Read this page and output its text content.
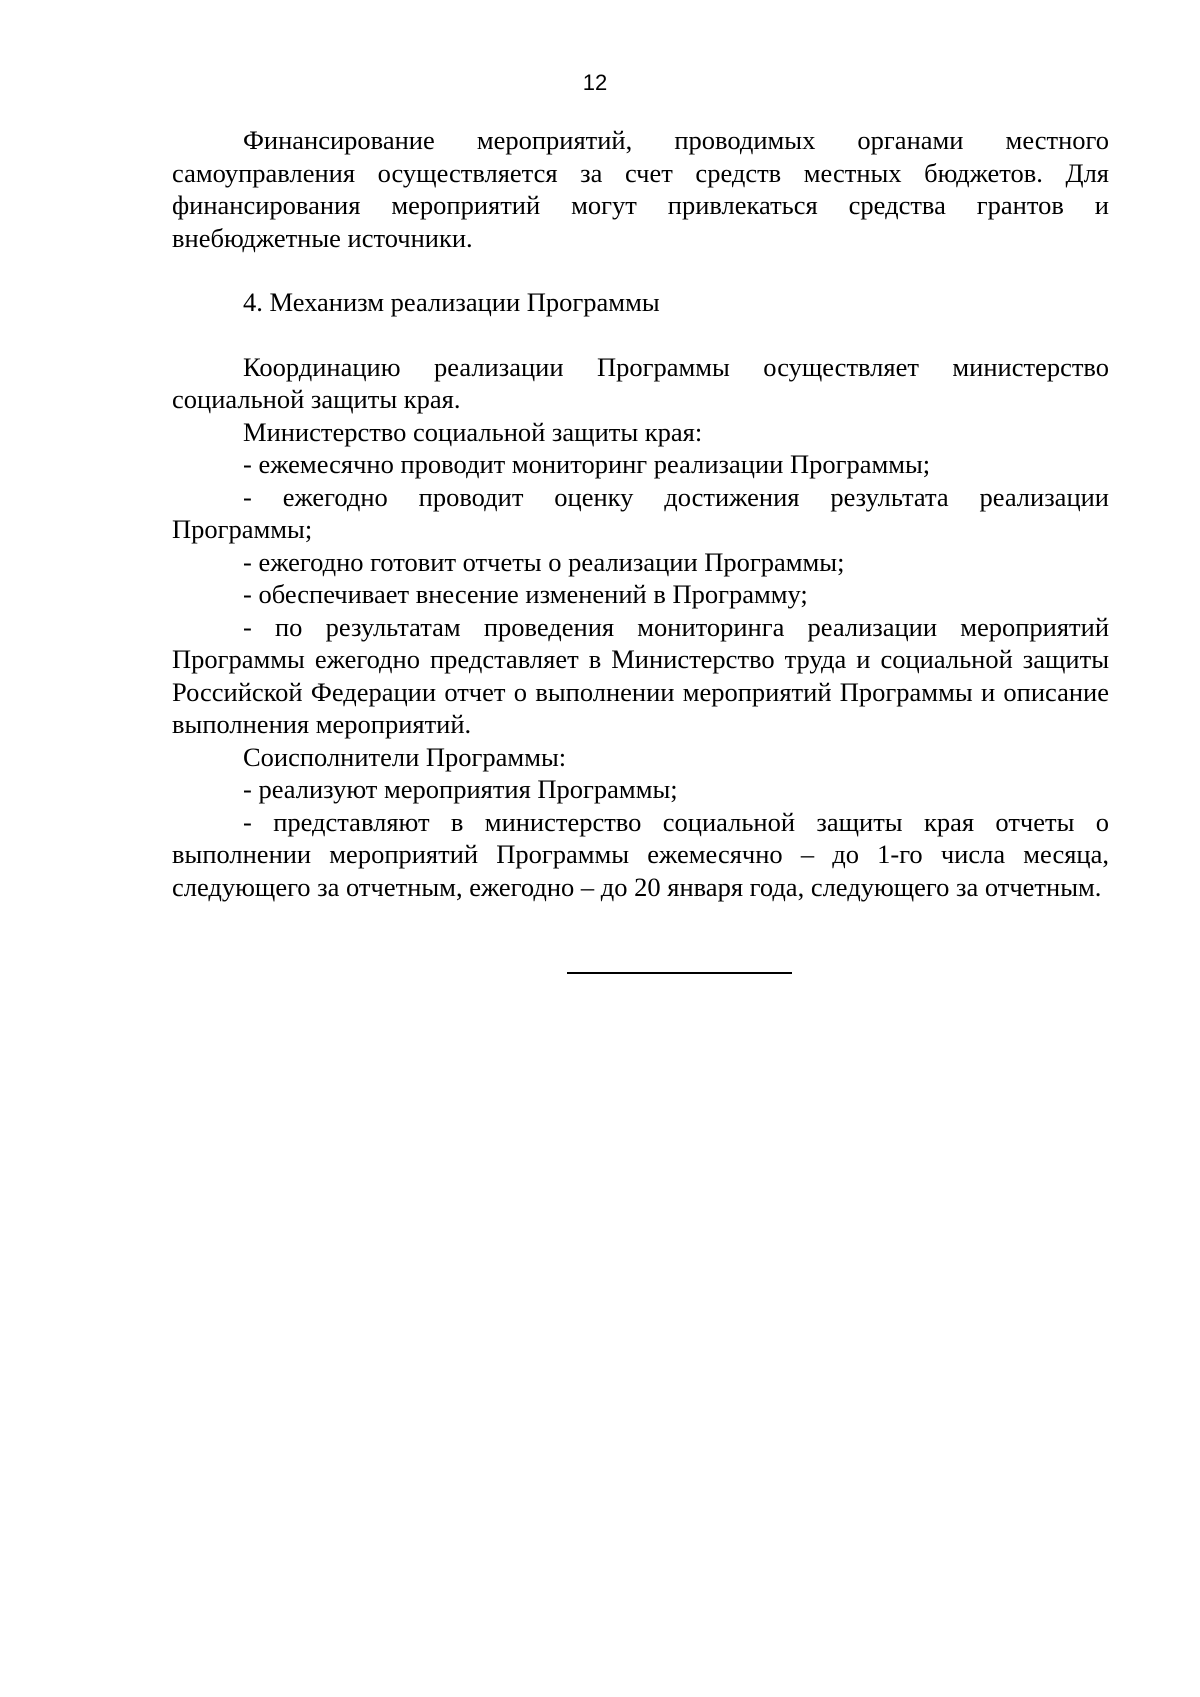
12

Финансирование мероприятий, проводимых органами местного самоуправления осуществляется за счет средств местных бюджетов. Для финансирования мероприятий могут привлекаться средства грантов и внебюджетные источники.

4. Механизм реализации Программы

Координацию реализации Программы осуществляет министерство социальной защиты края.

Министерство социальной защиты края:

- ежемесячно проводит мониторинг реализации Программы;

- ежегодно проводит оценку достижения результата реализации Программы;

- ежегодно готовит отчеты о реализации Программы;

- обеспечивает внесение изменений в Программу;

- по результатам проведения мониторинга реализации мероприятий Программы ежегодно представляет в Министерство труда и социальной защиты Российской Федерации отчет о выполнении мероприятий Программы и описание выполнения мероприятий.

Соисполнители Программы:

- реализуют мероприятия Программы;

- представляют в министерство социальной защиты края отчеты о выполнении мероприятий Программы ежемесячно – до 1-го числа месяца, следующего за отчетным, ежегодно – до 20 января года, следующего за отчетным.
